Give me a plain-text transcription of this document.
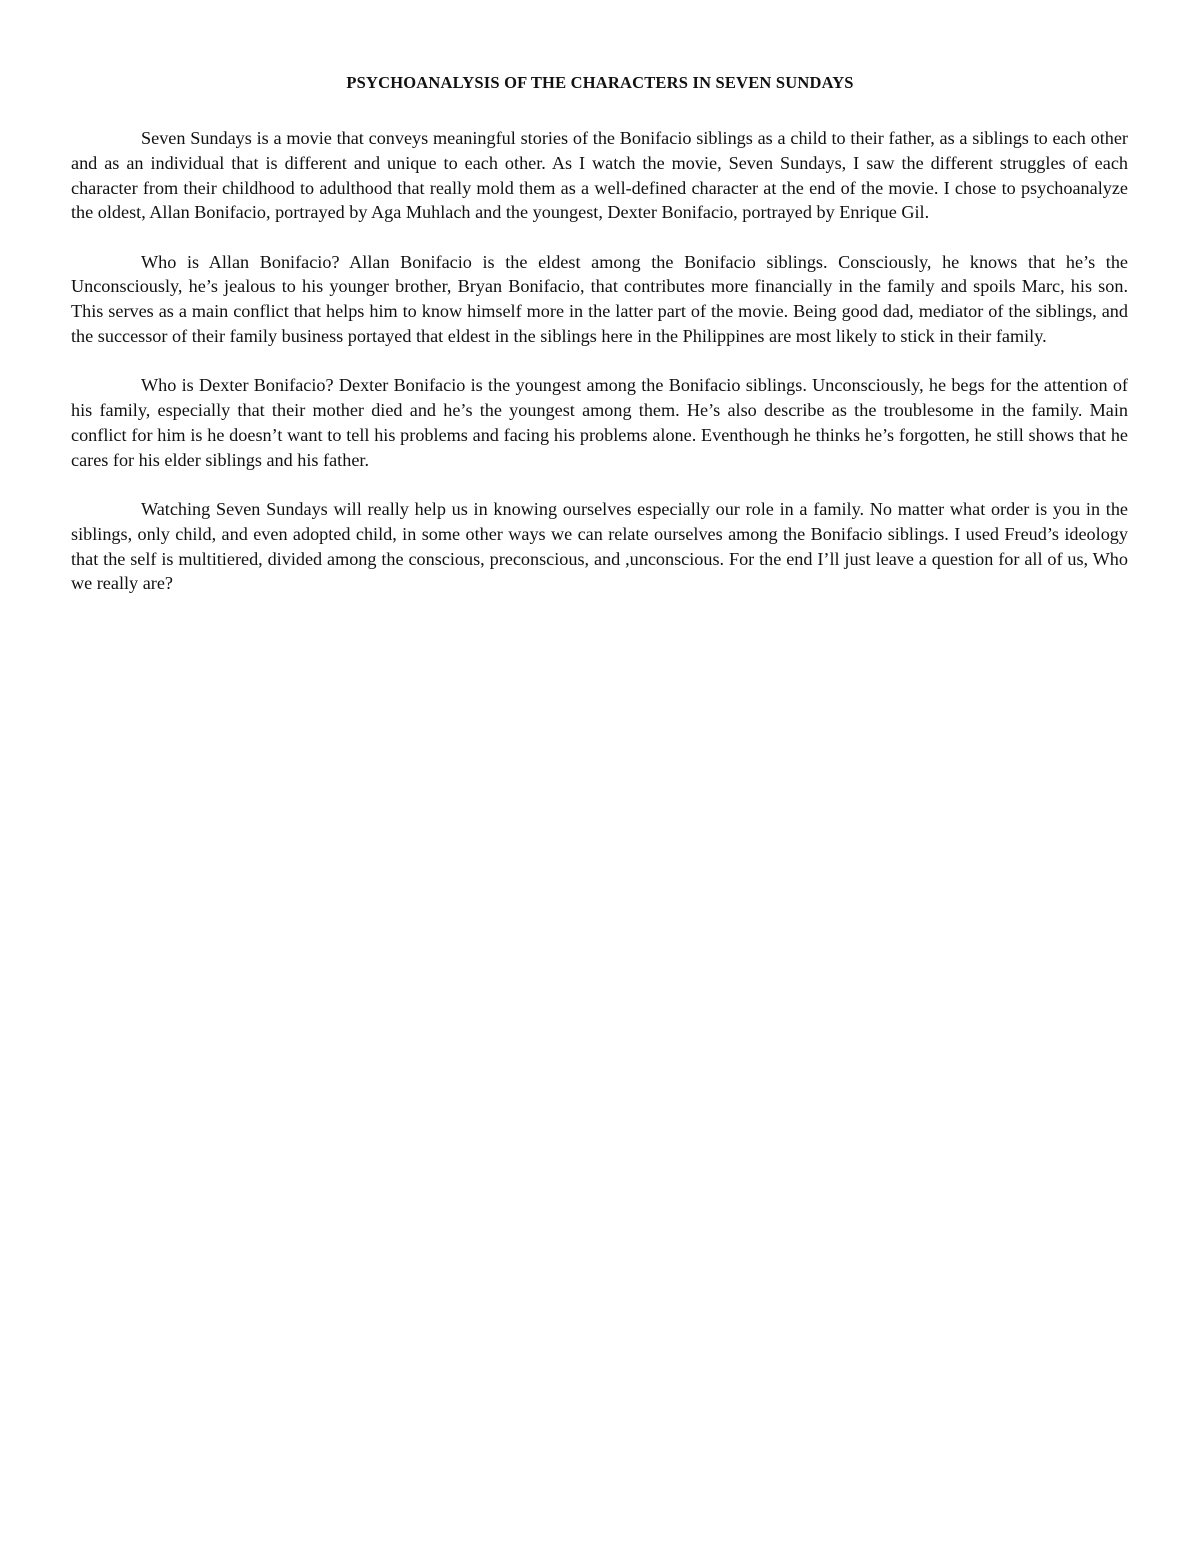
PSYCHOANALYSIS OF THE CHARACTERS IN SEVEN SUNDAYS

Seven Sundays is a movie that conveys meaningful stories of the Bonifacio siblings as a child to their father, as a siblings to each other and as an individual that is different and unique to each other. As I watch the movie, Seven Sundays, I saw the different struggles of each character from their childhood to adulthood that really mold them as a well-defined character at the end of the movie. I chose to psychoanalyze the oldest, Allan Bonifacio, portrayed by Aga Muhlach and the youngest, Dexter Bonifacio, portrayed by Enrique Gil.

Who is Allan Bonifacio? Allan Bonifacio is the eldest among the Bonifacio siblings. Consciously, he knows that he’s the Unconsciously, he’s jealous to his younger brother, Bryan Bonifacio, that contributes more financially in the family and spoils Marc, his son. This serves as a main conflict that helps him to know himself more in the latter part of the movie. Being good dad, mediator of the siblings, and the successor of their family business portayed that eldest in the siblings here in the Philippines are most likely to stick in their family.

Who is Dexter Bonifacio? Dexter Bonifacio is the youngest among the Bonifacio siblings. Unconsciously, he begs for the attention of his family, especially that their mother died and he’s the youngest among them. He’s also describe as the troublesome in the family. Main conflict for him is he doesn’t want to tell his problems and facing his problems alone. Eventhough he thinks he’s forgotten, he still shows that he cares for his elder siblings and his father.

Watching Seven Sundays will really help us in knowing ourselves especially our role in a family. No matter what order is you in the siblings, only child, and even adopted child, in some other ways we can relate ourselves among the Bonifacio siblings. I used Freud’s ideology that the self is multitiered, divided among the conscious, preconscious, and ,unconscious. For the end I’ll just leave a question for all of us, Who we really are?
